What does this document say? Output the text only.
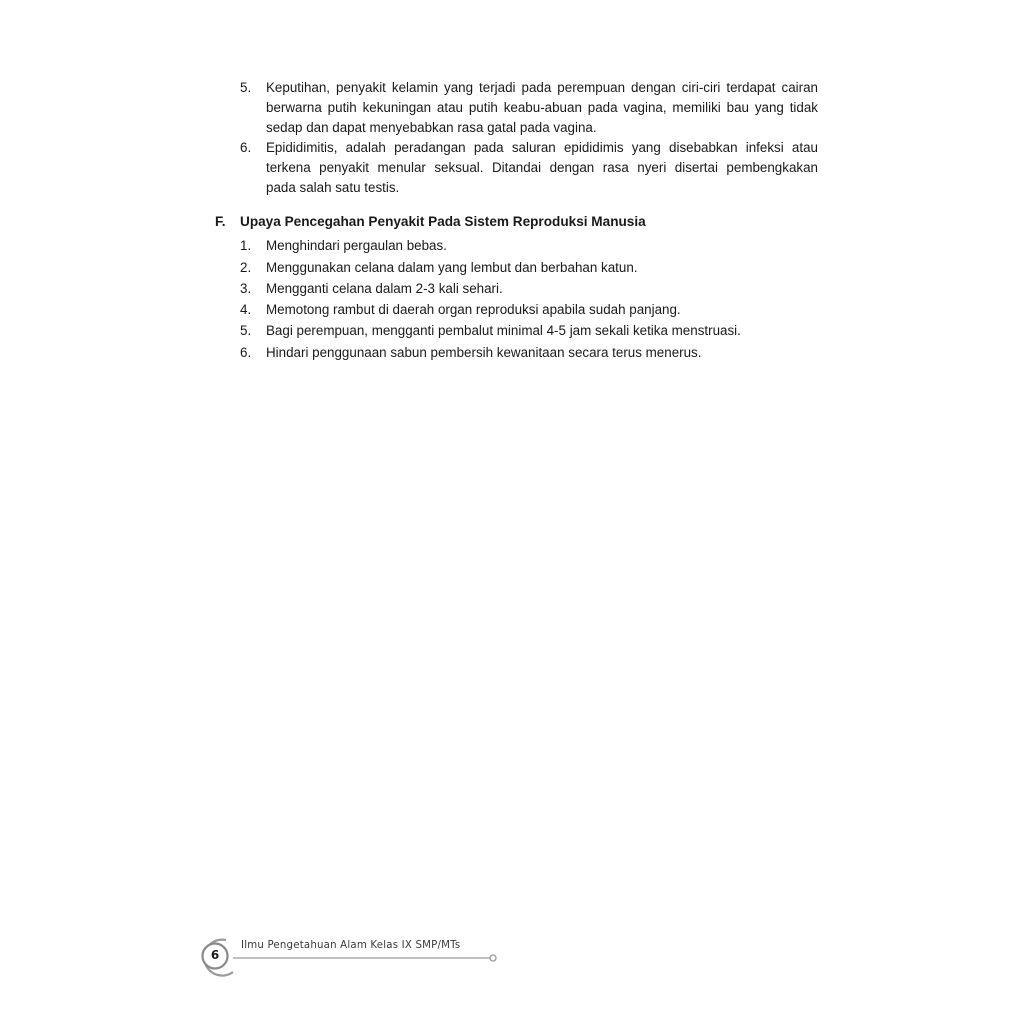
5.	Keputihan, penyakit kelamin yang terjadi pada perempuan dengan ciri-ciri terdapat cairan
berwarna putih kekuningan atau putih keabu-abuan pada vagina, memiliki bau yang tidak
sedap dan dapat menyebabkan rasa gatal pada vagina.
6.	Epididimitis, adalah peradangan pada saluran epididimis yang disebabkan infeksi atau
terkena penyakit menular seksual. Ditandai dengan rasa nyeri disertai pembengkakan
pada salah satu testis.
F. Upaya Pencegahan Penyakit Pada Sistem Reproduksi Manusia
1.	Menghindari pergaulan bebas.
2.	Menggunakan celana dalam yang lembut dan berbahan katun.
3.	Mengganti celana dalam 2-3 kali sehari.
4.	Memotong rambut di daerah organ reproduksi apabila sudah panjang.
5.	Bagi perempuan, mengganti pembalut minimal 4-5 jam sekali ketika menstruasi.
6.	Hindari penggunaan sabun pembersih kewanitaan secara terus menerus.
6
Ilmu Pengetahuan Alam Kelas IX SMP/MTs
